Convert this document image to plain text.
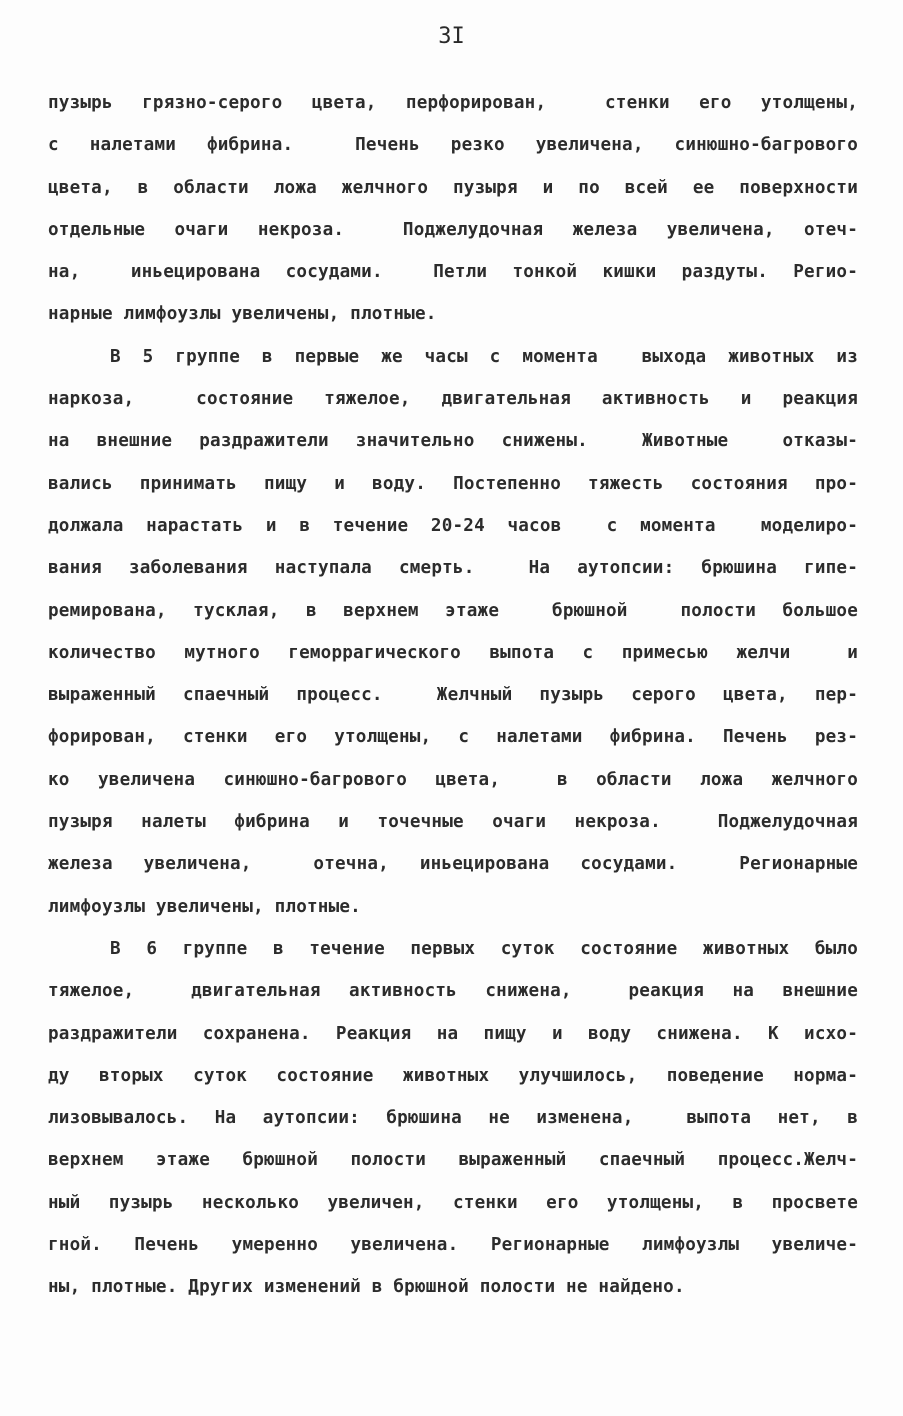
3I
пузырь грязно-серого цвета, перфорирован,  стенки его утолщены,
с налетами фибрина.  Печень резко увеличена, синюшно-багрового
цвета, в области ложа желчного пузыря и по всей ее поверхности
отдельные очаги некроза.  Поджелудочная железа увеличена, отеч-
на,  иньецирована сосудами.  Петли тонкой кишки раздуты. Регио-
нарные лимфоузлы увеличены, плотные.
В 5 группе в первые же часы с момента  выхода животных из
наркоза,  состояние тяжелое, двигательная активность и реакция
на внешние раздражители значительно снижены.  Животные  отказы-
вались принимать пищу и воду. Постепенно тяжесть состояния про-
должала нарастать и в течение 20-24 часов  с момента  моделиро-
вания заболевания наступала смерть.  На аутопсии: брюшина гипе-
ремирована, тусклая, в верхнем этаже  брюшной  полости большое
количество мутного геморрагического выпота с примесью желчи  и
выраженный спаечный процесс.  Желчный пузырь серого цвета, пер-
форирован, стенки его утолщены, с налетами фибрина. Печень рез-
ко увеличена синюшно-багрового цвета,  в области ложа желчного
пузыря налеты фибрина и точечные очаги некроза.  Поджелудочная
железа увеличена,  отечна, иньецирована сосудами.  Регионарные
лимфоузлы увеличены, плотные.
В 6 группе в течение первых суток состояние животных было
тяжелое,  двигательная активность снижена,  реакция на внешние
раздражители сохранена. Реакция на пищу и воду снижена. К исхо-
ду вторых суток состояние животных улучшилось, поведение норма-
лизовывалось. На аутопсии: брюшина не изменена,  выпота нет, в
верхнем этаже брюшной полости выраженный спаечный процесс.Желч-
ный пузырь несколько увеличен, стенки его утолщены, в просвете
гной. Печень умеренно увеличена. Регионарные лимфоузлы увеличе-
ны, плотные. Других изменений в брюшной полости не найдено.
